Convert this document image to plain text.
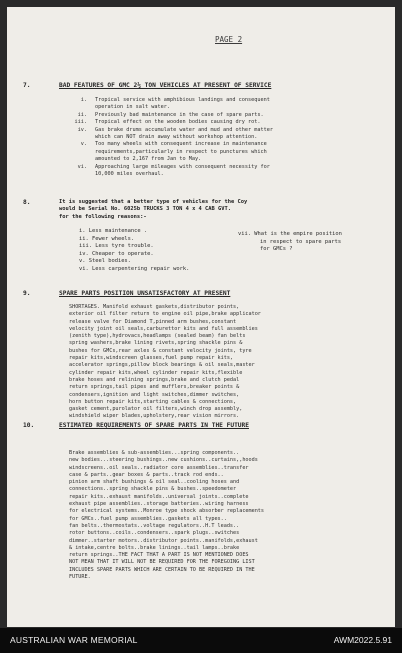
PAGE 2
7.	BAD FEATURES OF GMC 2½ TON VEHICLES AT PRESENT OF SERVICE
i. Tropical service with amphibious landings and consequent
operation in salt water.
ii. Previously bad maintenance in the case of spare parts.
iii. Tropical effect on the wooden bodies causing dry rot.
iv. Gas brake drums accumulate water and mud and other matter
which can NOT drain away without workshop attention.
v. Too many wheels with consequent increase in maintenance
requirements,particularly in respect to punctures which
amounted to 2,167 from Jan to May.
vi. Approaching large mileages with consequent necessity for
10,000 miles overhaul.
8.	It is suggested that a better type of vehicles for the Coy
would be Serial No. 6025b TRUCKS 3 TON 4 x 4 CAB GVT.
for the following reasons:-
i. Less maintenance .
ii. Fewer wheels.
iii. Less tyre trouble.
iv. Cheaper to operate.
v. Steel bodies.
vi. Less carpentering repair work.
vii. What is the empire position
in respect to spare parts
for GMCs ?
9.	SPARE PARTS POSITION UNSATISFACTORY AT PRESENT
SHORTAGES. Manifold exhaust gaskets,distributor points,
exterior oil filter return to engine oil pipe,brake applicator
release valve for Diamond T,pinned arm bushes,constant
velocity joint oil seals,carburettor kits and full assemblies
(zenith type),hydrovacs,headlamps (sealed beam) fan belts
spring washers,brake lining rivets,spring shackle pins &
bushes for GMCs,rear axles & constant velocity joints, tyre
repair kits,windscreen glasses,fuel pump repair kits,
accelerator springs,pillow block bearings & oil seals,master
cylinder repair kits,wheel cylinder repair kits,flexible
brake hoses and relining springs,brake and clutch pedal
return springs,tail pipes and mufflers,breaker points &
condensers,ignition and light switches,dimmer switches,
horn button repair kits,starting cables & connections,
gasket cement,purolator oil filters,winch drop assembly,
windshield wiper blades,upholstery,rear vision mirrors.
10.	ESTIMATED REQUIREMENTS OF SPARE PARTS IN THE FUTURE
Brake assemblies & sub-assemblies...spring components..
new bodies...steering bushings..new cushions..curtains,,hoods
windscreens..oil seals..radiator core assemblies..transfer
case & parts..gear boxes & parts..track rod ends..
pinion arm shaft bushings & oil seal..cooling hoses and
connections..spring shackle pins & bushes..speedometer
repair kits..exhaust manifolds..universal joints..complete
exhaust pipe assemblies..storage batteries..wiring harness
for electrical systems..Monroe type shock absorber replacements
for GMCs..fuel pump assemblies..gaskets all types..
fan belts..thermostats..voltage regulators..H.T leads..
rotor buttons..coils..condensers..spark plugs..switches
dimmer..starter motors..distributor points..manifolds,exhaust
& intake,centre bolts..brake linings..tail lamps..brake
return springs..THE FACT THAT A PART IS NOT MENTIONED DOES
NOT MEAN THAT IT WILL NOT BE REQUIRED FOR THE FOREGOING LIST
INCLUDES SPARE PARTS WHICH ARE CERTAIN TO BE REQUIRED IN THE
FUTURE.
AUSTRALIAN WAR MEMORIAL	AWM2022.5.91
